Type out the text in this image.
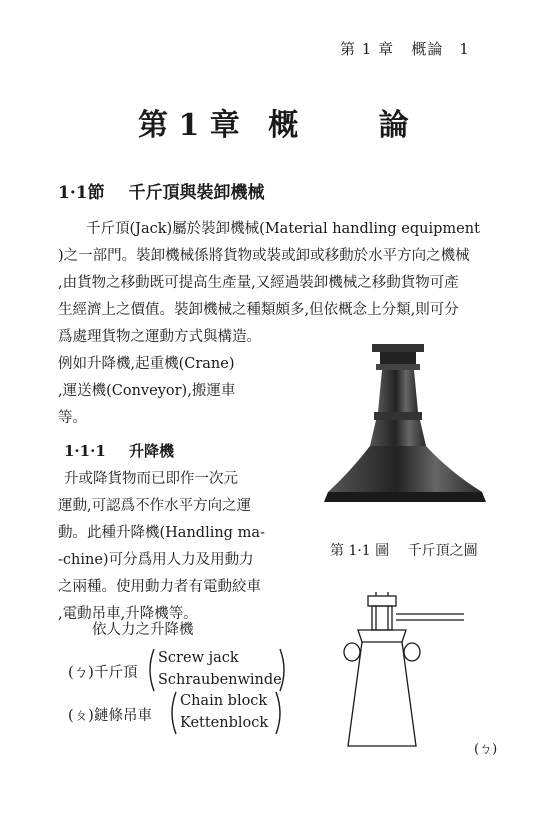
第 1 章 概論 1
第 1 章 概	論
1·1節 千斤頂與裝卸機械

千斤頂(Jack)屬於裝卸機械(Material handling equipment

)之一部門。裝卸機械係將貨物或裝或卸或移動於水平方向之機械

,由貨物之移動既可提高生產量,又經過裝卸機械之移動貨物可產

生經濟上之價值。裝卸機械之種類頗多,但依概念上分類,則可分

爲處理貨物之運動方式與構造。

例如升降機,起重機(Crane)

,運送機(Conveyor),搬運車

等。

1·1·1 升降機

升或降貨物而已即作一次元

運動,可認爲不作水平方向之運

動。此種升降機(Handling ma-

-chine)可分爲用人力及用動力

之兩種。使用動力者有電動絞車

,電動吊車,升降機等。

依人力之升降機
(ㄅ) 千斤頂
Screw jack
Schraubenwinde
(ㄆ) 鏈條吊車
Chain block
Kettenblock
第 1·1 圖 千斤頂之圖
(ㄅ)
